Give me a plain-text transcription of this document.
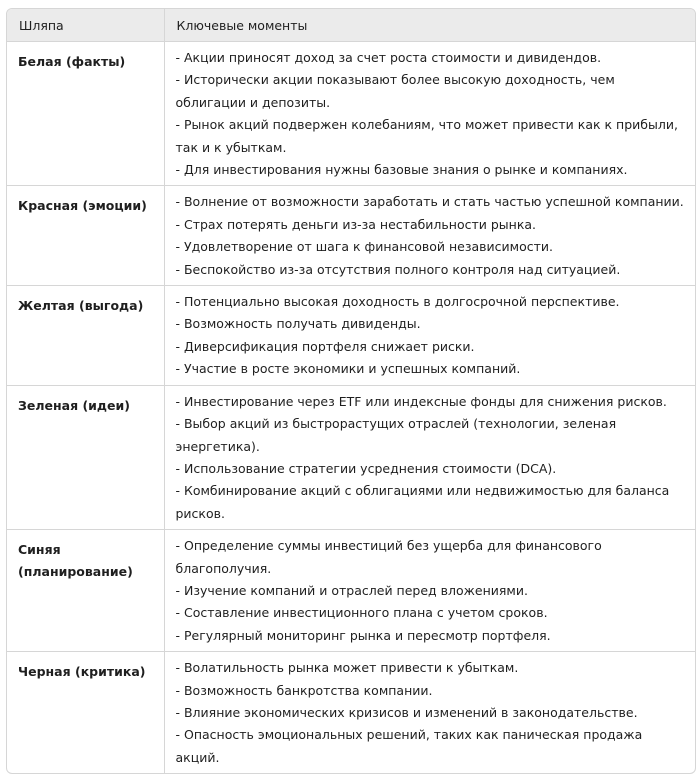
Шляпа	Ключевые моменты
Белая (факты)	- Акции приносят доход за счет роста стоимости и дивидендов.

- Исторически акции показывают более высокую доходность, чем облигации и депозиты.

- Рынок акций подвержен колебаниям, что может привести как к прибыли, так и к убыткам.

- Для инвестирования нужны базовые знания о рынке и компаниях.

Красная (эмоции)	- Волнение от возможности заработать и стать частью успешной компании.

- Страх потерять деньги из-за нестабильности рынка.

- Удовлетворение от шага к финансовой независимости.

- Беспокойство из-за отсутствия полного контроля над ситуацией.

Желтая (выгода)	- Потенциально высокая доходность в долгосрочной перспективе.

- Возможность получать дивиденды.

- Диверсификация портфеля снижает риски.

- Участие в росте экономики и успешных компаний.

Зеленая (идеи)	- Инвестирование через ETF или индексные фонды для снижения рисков.

- Выбор акций из быстрорастущих отраслей (технологии, зеленая энергетика).

- Использование стратегии усреднения стоимости (DCA).

- Комбинирование акций с облигациями или недвижимостью для баланса рисков.

Синяя (планирование)	- Определение суммы инвестиций без ущерба для финансового благополучия.

- Изучение компаний и отраслей перед вложениями.

- Составление инвестиционного плана с учетом сроков.

- Регулярный мониторинг рынка и пересмотр портфеля.

Черная (критика)	- Волатильность рынка может привести к убыткам.

- Возможность банкротства компании.

- Влияние экономических кризисов и изменений в законодательстве.

- Опасность эмоциональных решений, таких как паническая продажа акций.
